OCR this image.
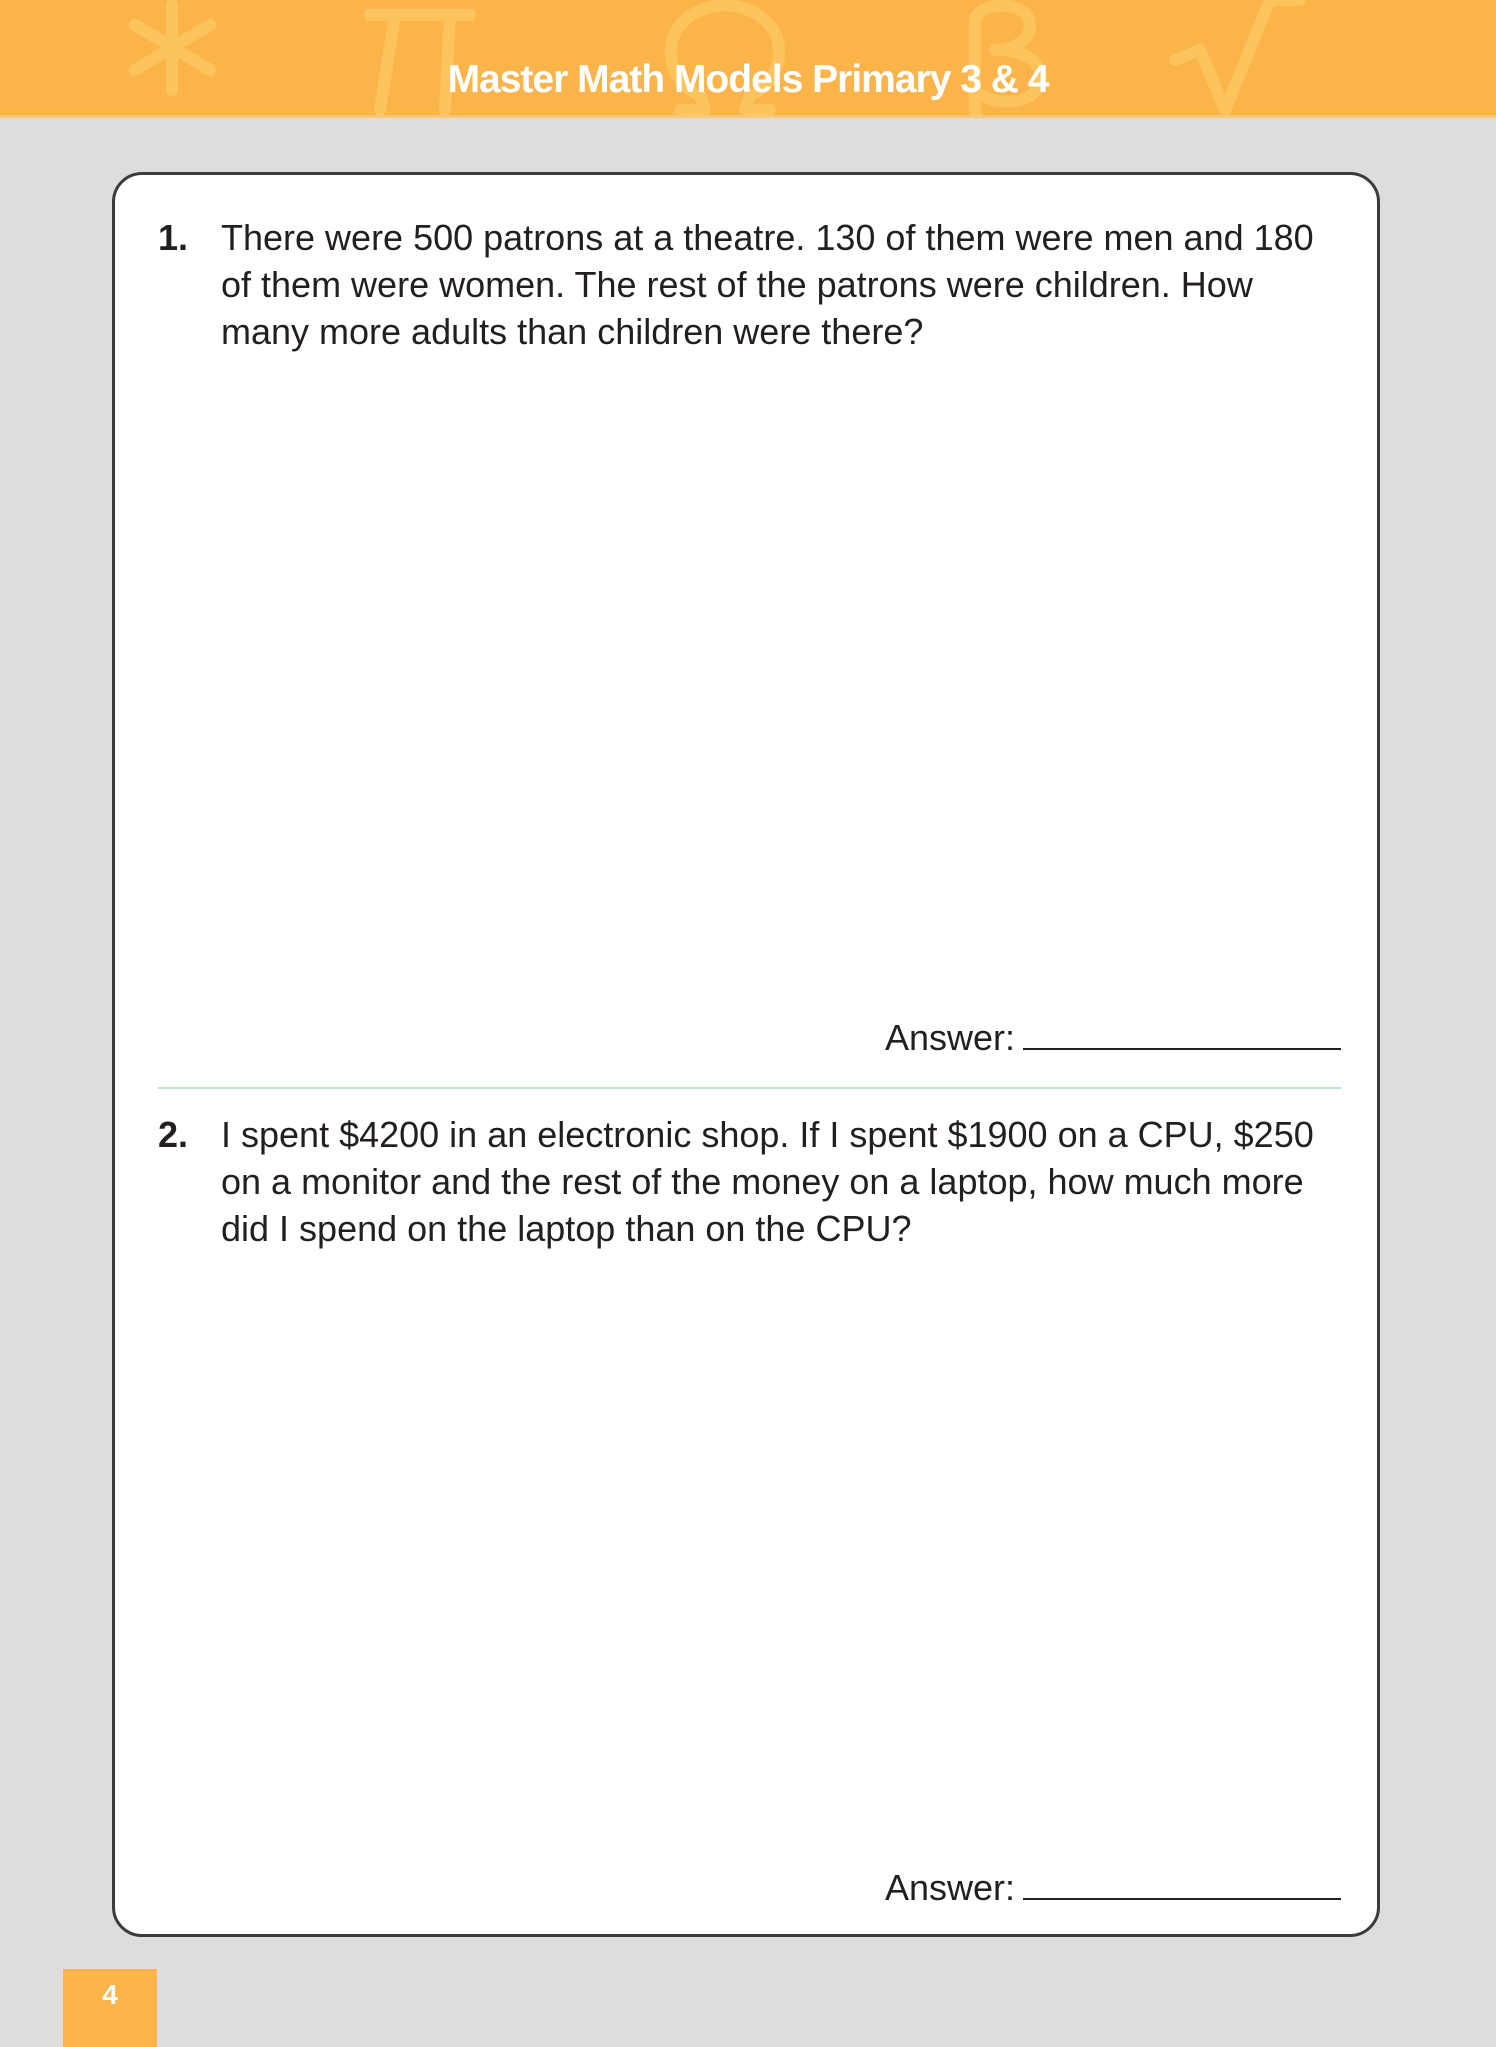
Master Math Models Primary 3 & 4
1. There were 500 patrons at a theatre. 130 of them were men and 180 of them were women. The rest of the patrons were children. How many more adults than children were there?
Answer:
2. I spent $4200 in an electronic shop. If I spent $1900 on a CPU, $250 on a monitor and the rest of the money on a laptop, how much more did I spend on the laptop than on the CPU?
Answer:
4
